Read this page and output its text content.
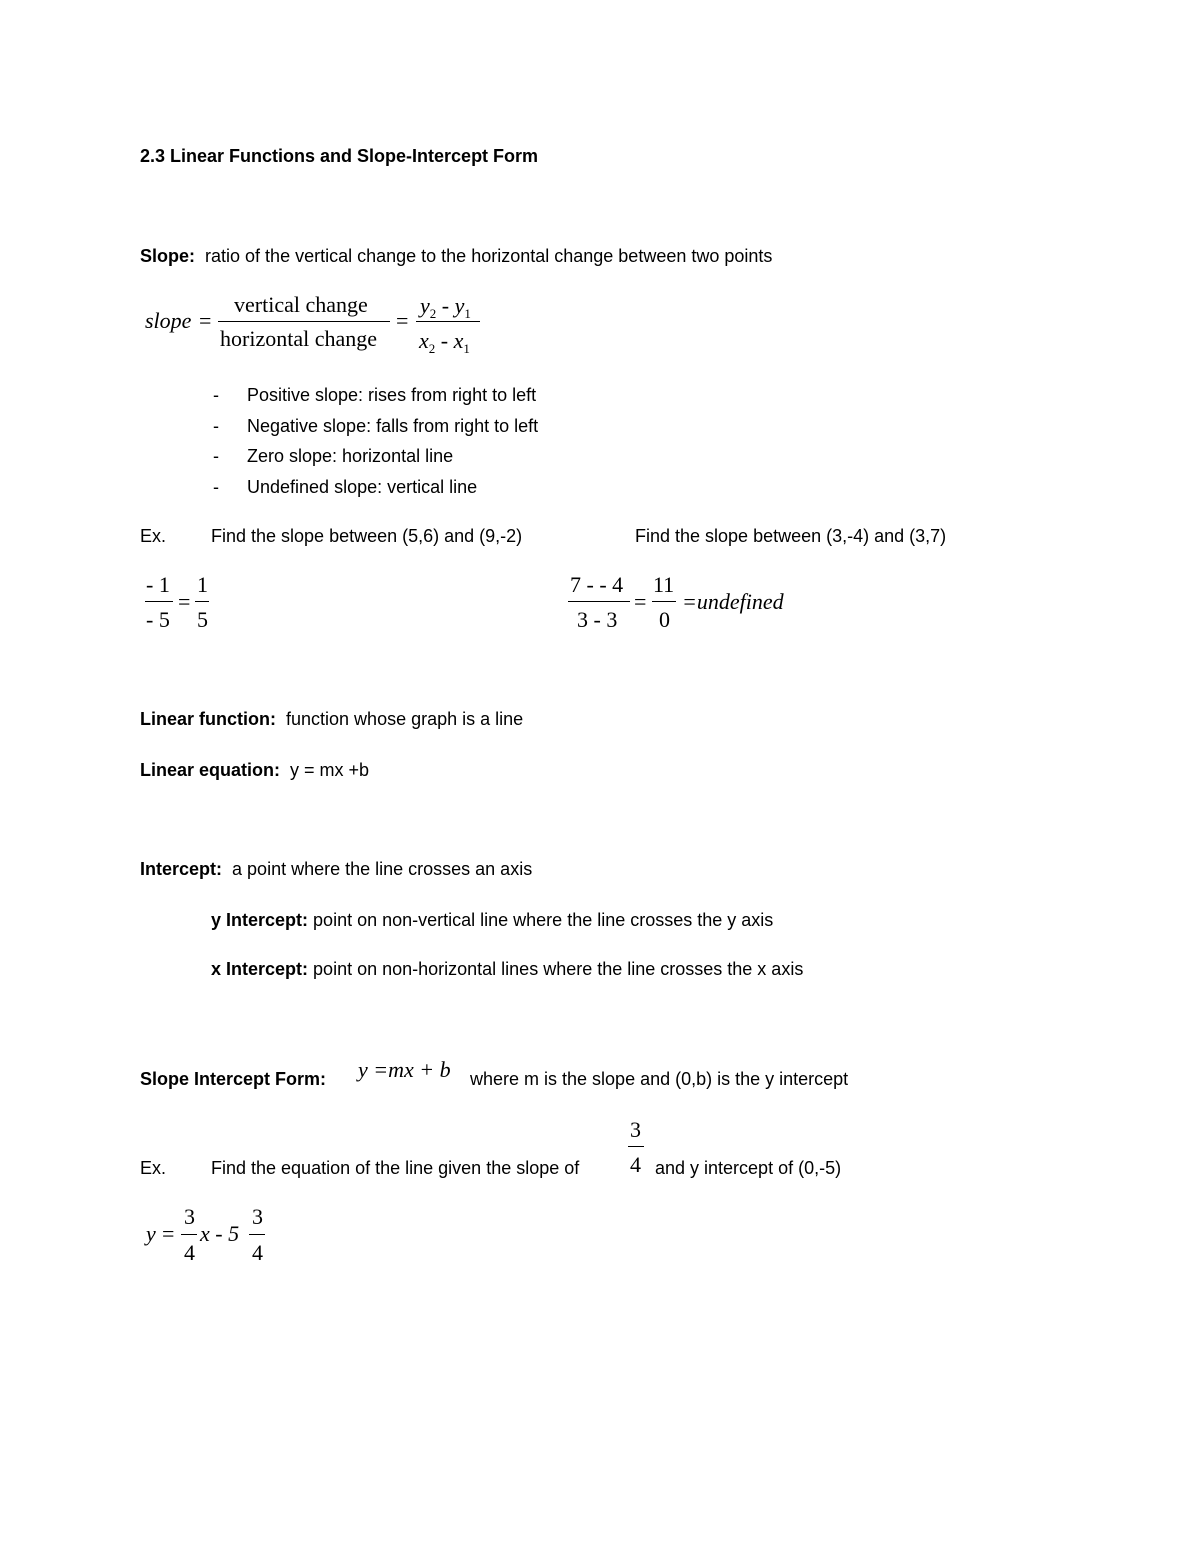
2.3 Linear Functions and Slope-Intercept Form
Slope: ratio of the vertical change to the horizontal change between two points
slope =
vertical change
horizontal change
=
$y_2 - y_1$
$x_2 - x_1$
- Positive slope: rises from right to left
- Negative slope: falls from right to left
- Zero slope: horizontal line
- Undefined slope: vertical line
Ex. Find the slope between (5,6) and (9,-2)	Find the slope between (3,-4) and (3,7)
- 1
- 5
=
1
5
7 - - 4
3 - 3
=
11
0
=undefined
Linear function: function whose graph is a line
Linear equation: y = mx +b
Intercept: a point where the line crosses an axis
y Intercept: point on non-vertical line where the line crosses the y axis
x Intercept: point on non-horizontal lines where the line crosses the x axis
Slope Intercept Form: y =mx + b where m is the slope and (0,b) is the y intercept
Ex. Find the equation of the line given the slope of
3
4 and y intercept of (0,-5)
y =
3
4
x - 5
3
4
